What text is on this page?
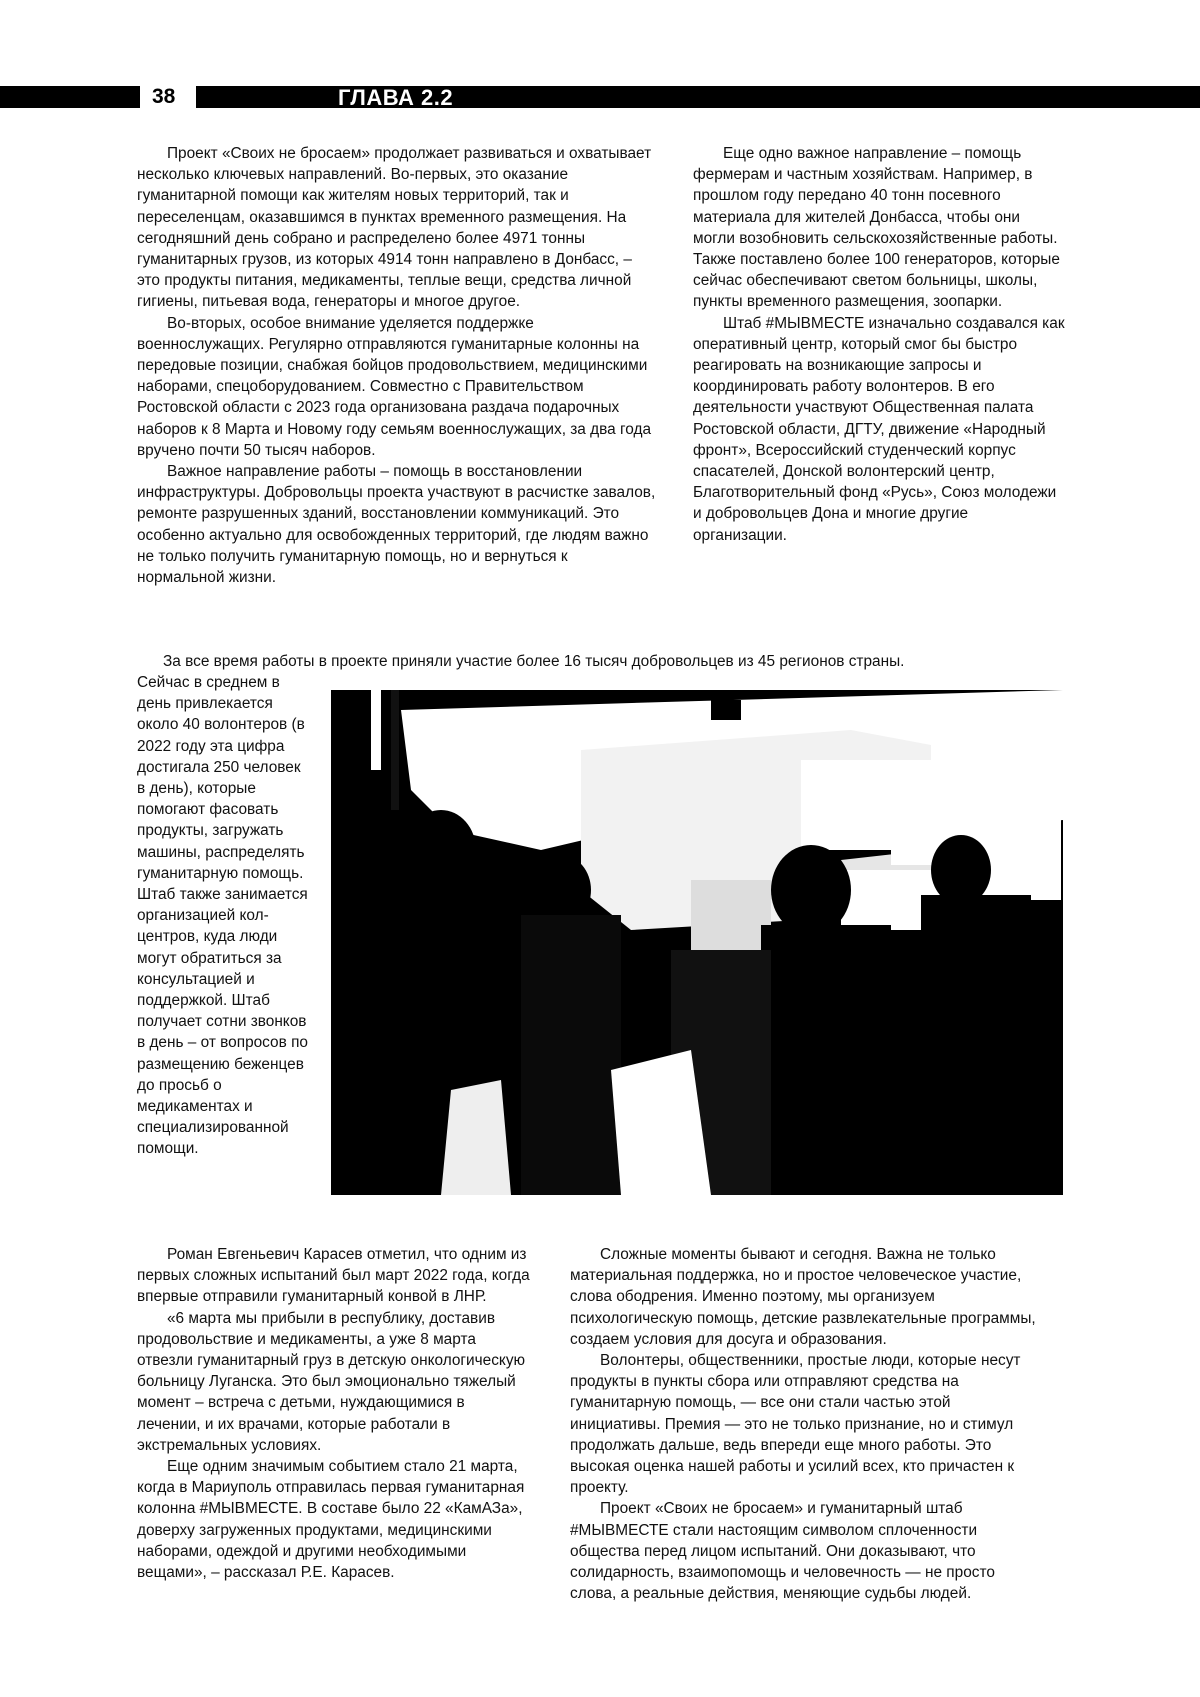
38	ГЛАВА 2.2

Проект «Своих не бросаем» продолжает развиваться и охватывает несколько ключевых направлений. Во-первых, это оказание гуманитарной помощи как жителям новых территорий, так и переселенцам, оказавшимся в пунктах временного размещения. На сегодняшний день собрано и распределено более 4971 тонны гуманитарных грузов, из которых 4914 тонн направлено в Донбасс, – это продукты питания, медикаменты, теплые вещи, средства личной гигиены, питьевая вода, генераторы и многое другое.

Во-вторых, особое внимание уделяется поддержке военнослужащих. Регулярно отправляются гуманитарные колонны на передовые позиции, снабжая бойцов продовольствием, медицинскими наборами, спецоборудованием. Совместно с Правительством Ростовской области с 2023 года организована раздача подарочных наборов к 8 Марта и Новому году семьям военнослужащих, за два года вручено почти 50 тысяч наборов.

Важное направление работы – помощь в восстановлении инфраструктуры. Добровольцы проекта участвуют в расчистке завалов, ремонте разрушенных зданий, восстановлении коммуникаций. Это особенно актуально для освобожденных территорий, где людям важно не только получить гуманитарную помощь, но и вернуться к нормальной жизни.

Еще одно важное направление – помощь фермерам и частным хозяйствам. Например, в прошлом году передано 40 тонн посевного материала для жителей Донбасса, чтобы они могли возобновить сельскохозяйственные работы. Также поставлено более 100 генераторов, которые сейчас обеспечивают светом больницы, школы, пункты временного размещения, зоопарки.

Штаб #МЫВМЕСТЕ изначально создавался как оперативный центр, который смог бы быстро реагировать на возникающие запросы и координировать работу волонтеров. В его деятельности участвуют Общественная палата Ростовской области, ДГТУ, движение «Народный фронт», Всероссийский студенческий корпус спасателей, Донской волонтерский центр, Благотворительный фонд «Русь», Союз молодежи и добровольцев Дона и многие другие организации.

За все время работы в проекте приняли участие более 16 тысяч добровольцев из 45 регионов страны.
Сейчас в среднем в день привлекается около 40 волонтеров (в 2022 году эта цифра достигала 250 человек в день), которые помогают фасовать продукты, загружать машины, распределять гуманитарную помощь. Штаб также занимается организацией кол-центров, куда люди могут обратиться за консультацией и поддержкой. Штаб получает сотни звонков в день – от вопросов по размещению беженцев до просьб о медикаментах и специализированной помощи.

Роман Евгеньевич Карасев отметил, что одним из первых сложных испытаний был март 2022 года, когда впервые отправили гуманитарный конвой в ЛНР.

«6 марта мы прибыли в республику, доставив продовольствие и медикаменты, а уже 8 марта отвезли гуманитарный груз в детскую онкологическую больницу Луганска. Это был эмоционально тяжелый момент – встреча с детьми, нуждающимися в лечении, и их врачами, которые работали в экстремальных условиях.

Еще одним значимым событием стало 21 марта, когда в Мариуполь отправилась первая гуманитарная колонна #МЫВМЕСТЕ. В составе было 22 «КамАЗа», доверху загруженных продуктами, медицинскими наборами, одеждой и другими необходимыми вещами», – рассказал Р.Е. Карасев.

Сложные моменты бывают и сегодня. Важна не только материальная поддержка, но и простое человеческое участие, слова ободрения. Именно поэтому, мы организуем психологическую помощь, детские развлекательные программы, создаем условия для досуга и образования.

Волонтеры, общественники, простые люди, которые несут продукты в пункты сбора или отправляют средства на гуманитарную помощь, — все они стали частью этой инициативы. Премия — это не только признание, но и стимул продолжать дальше, ведь впереди еще много работы. Это высокая оценка нашей работы и усилий всех, кто причастен к проекту.

Проект «Своих не бросаем» и гуманитарный штаб #МЫВМЕСТЕ стали настоящим символом сплоченности общества перед лицом испытаний. Они доказывают, что солидарность, взаимопомощь и человечность — не просто слова, а реальные действия, меняющие судьбы людей.
